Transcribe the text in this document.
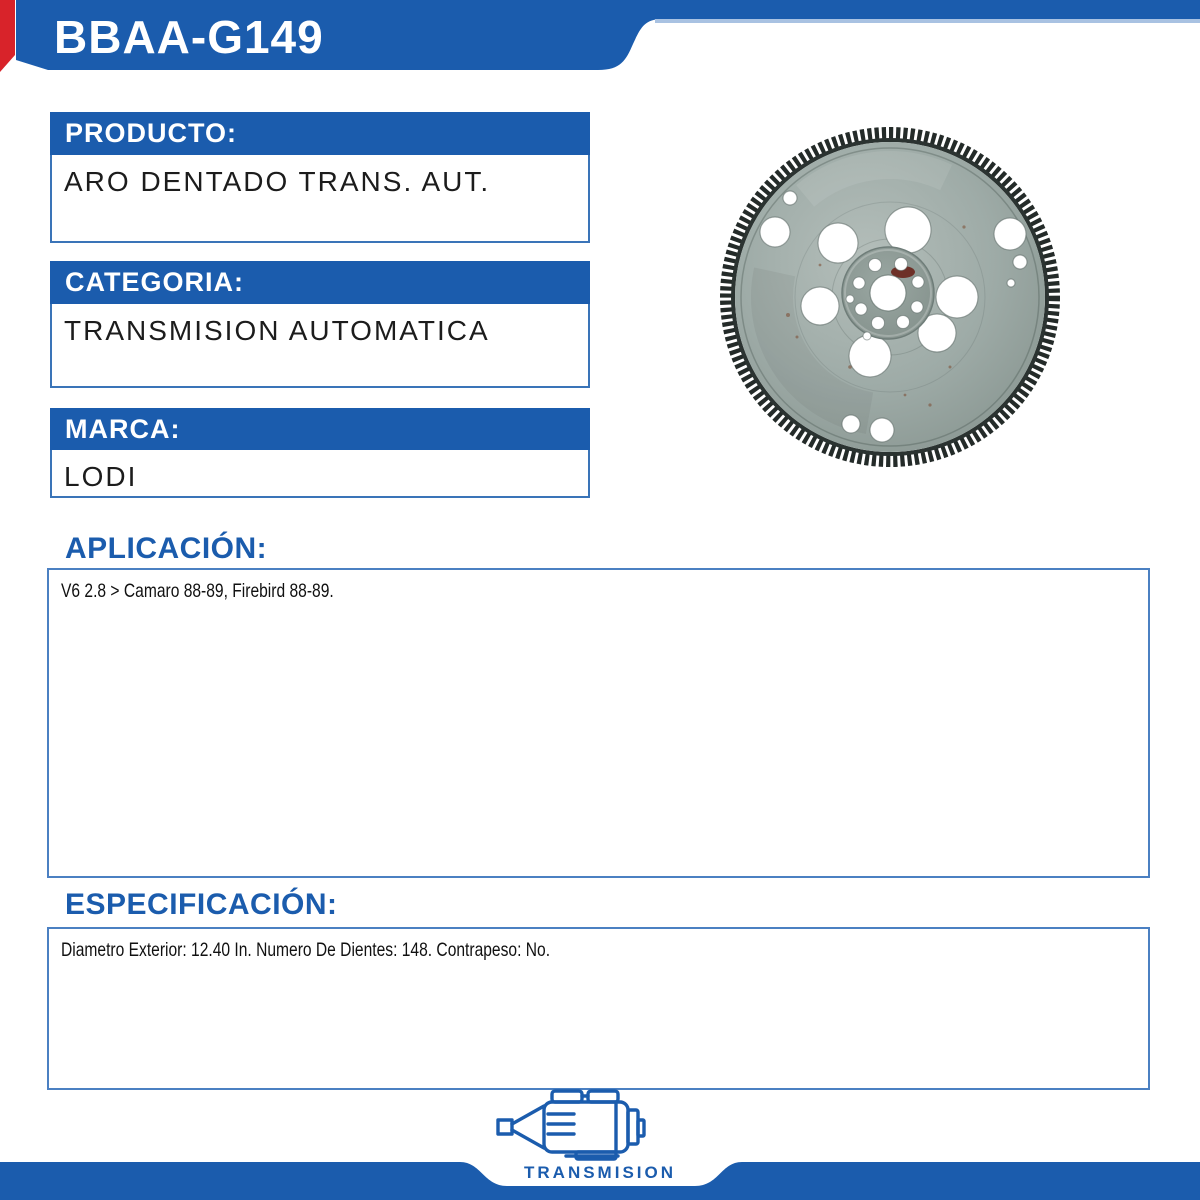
BBAA-G149
PRODUCTO:
ARO DENTADO TRANS. AUT.
CATEGORIA:
TRANSMISION AUTOMATICA
MARCA:
LODI
APLICACIÓN:
V6 2.8 > Camaro 88-89, Firebird 88-89.
ESPECIFICACIÓN:
Diametro Exterior: 12.40 In. Numero De Dientes: 148. Contrapeso: No.
TRANSMISION
